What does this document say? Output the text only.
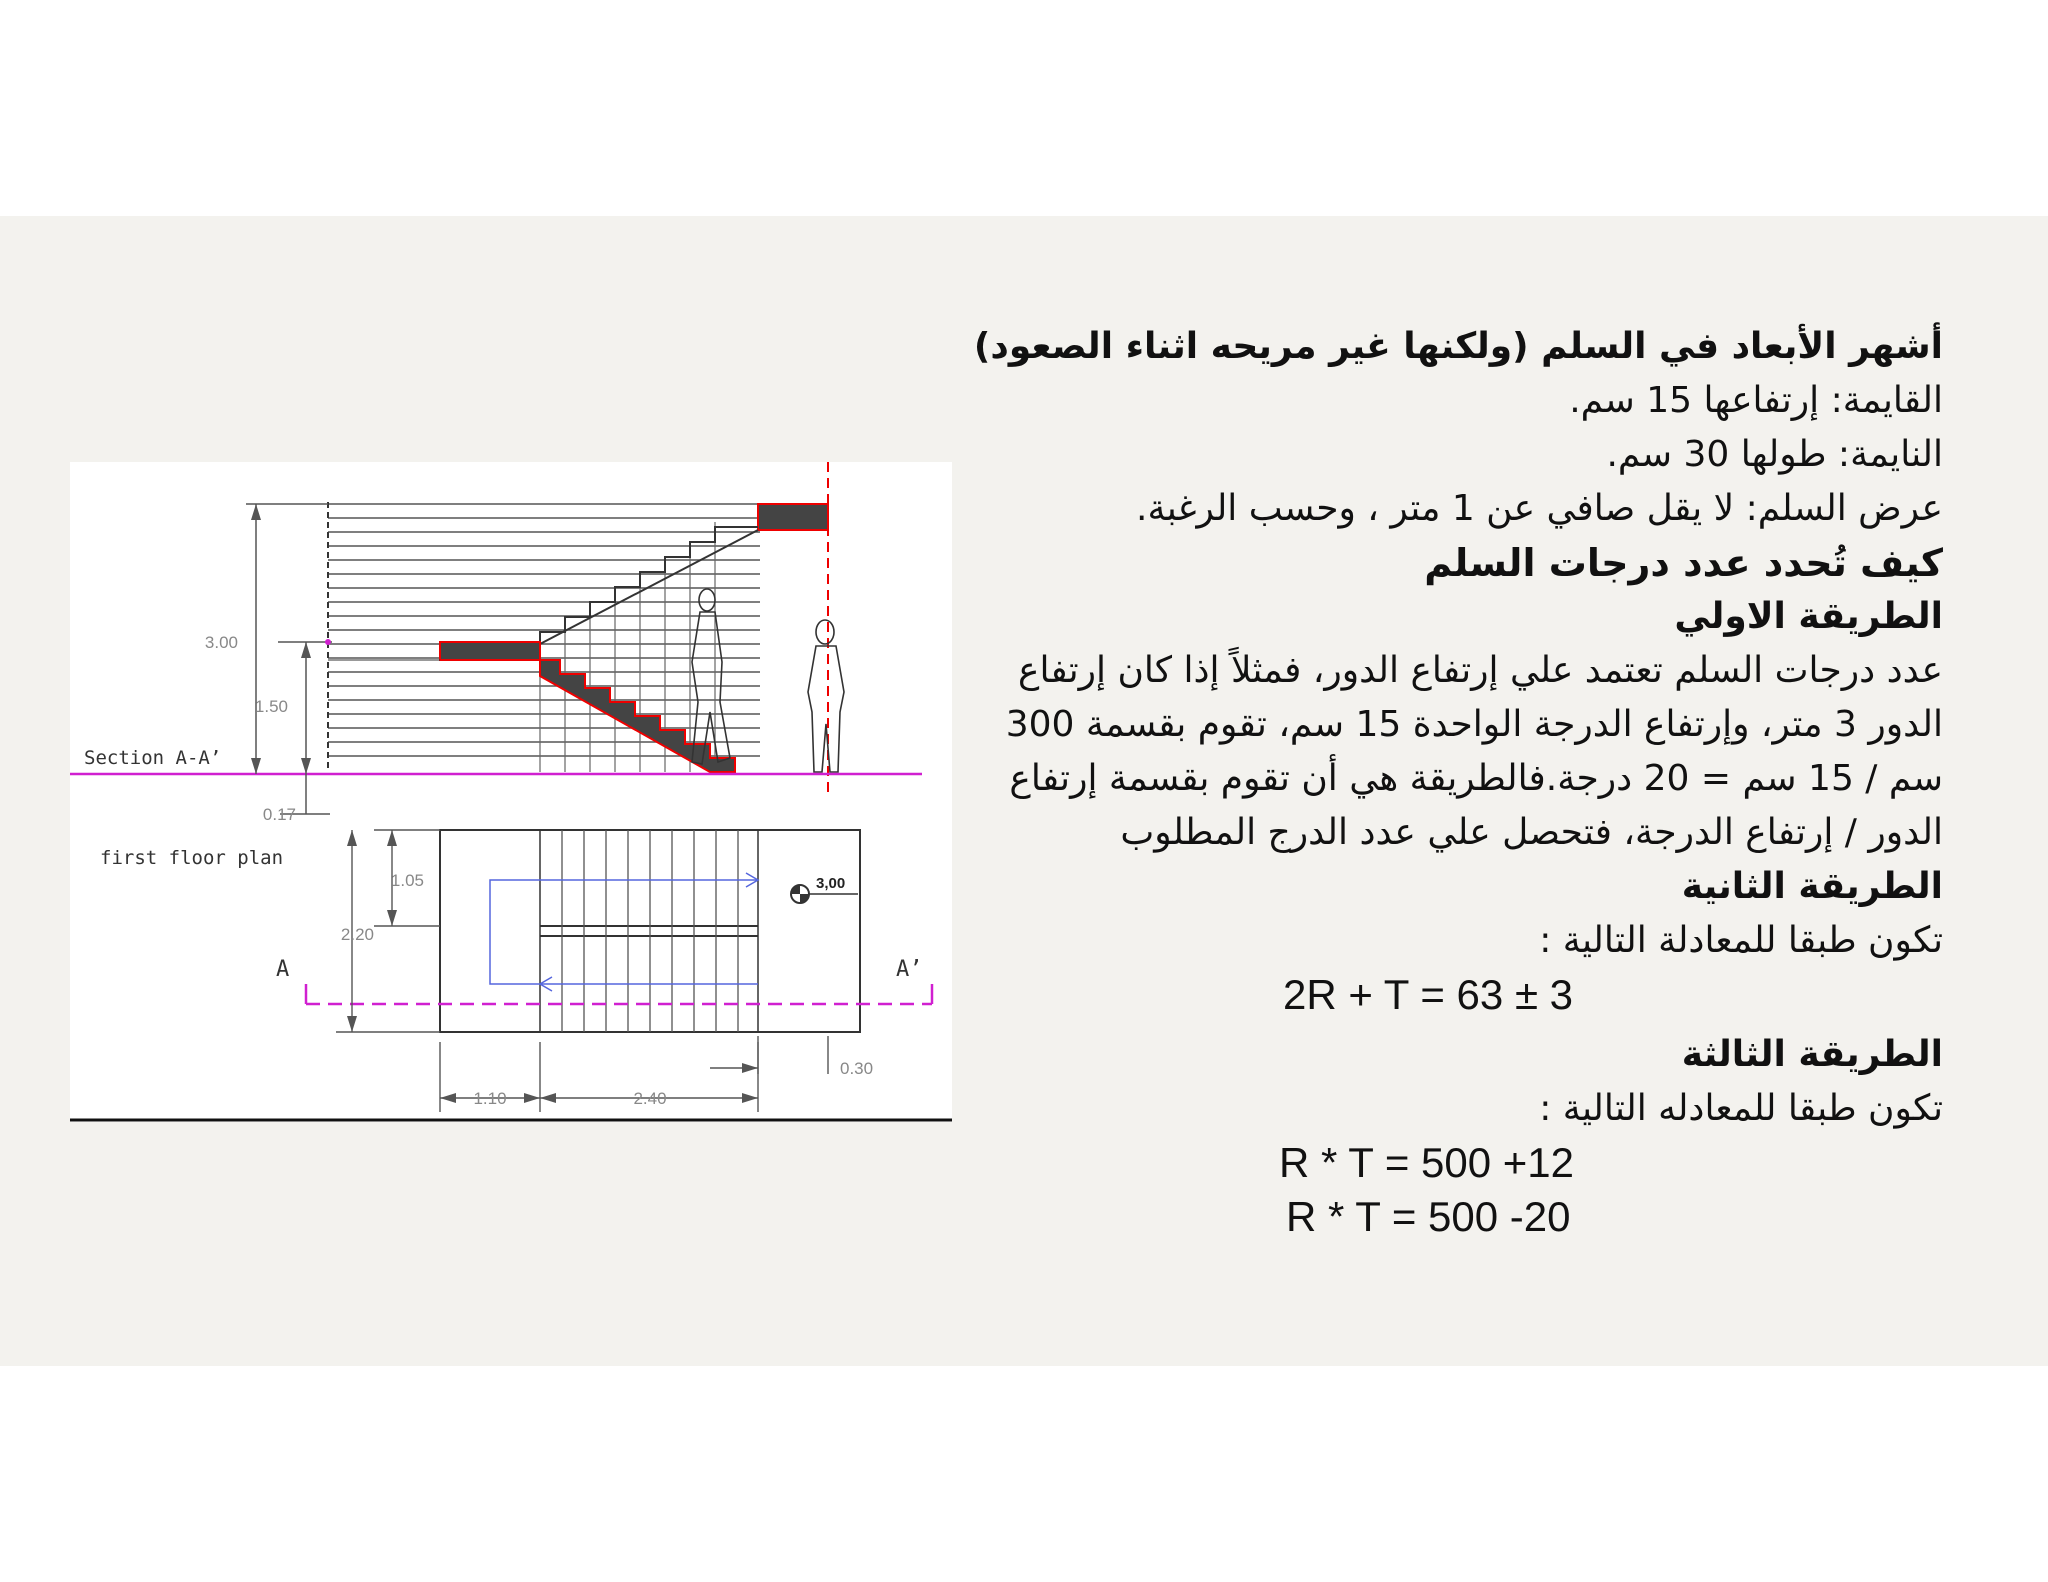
3.00
1.50
Section A-A’
0.17
first floor plan
3,00
A	A’
1.05
2.20
1.10	2.40
0.30
أشهر الأبعاد في السلم (ولكنها غير مريحه اثناء الصعود)
القايمة: إرتفاعها 15 سم.
النايمة: طولها 30 سم.
عرض السلم: لا يقل صافي عن 1 متر ، وحسب الرغبة.
كيف تُحدد عدد درجات السلم
الطريقة الاولي
عدد درجات السلم تعتمد علي إرتفاع الدور، فمثلاً إذا كان إرتفاع الدور 3 متر، وإرتفاع الدرجة الواحدة 15 سم، تقوم بقسمة 300 سم / 15 سم = 20 درجة.فالطريقة هي أن تقوم بقسمة إرتفاع الدور / إرتفاع الدرجة، فتحصل علي عدد الدرج المطلوب
الطريقة الثانية
تكون طبقا للمعادلة التالية :
2R + T = 63 ± 3
الطريقة الثالثة
تكون طبقا للمعادله التالية :
R * T = 500 +12
R * T = 500 -20
